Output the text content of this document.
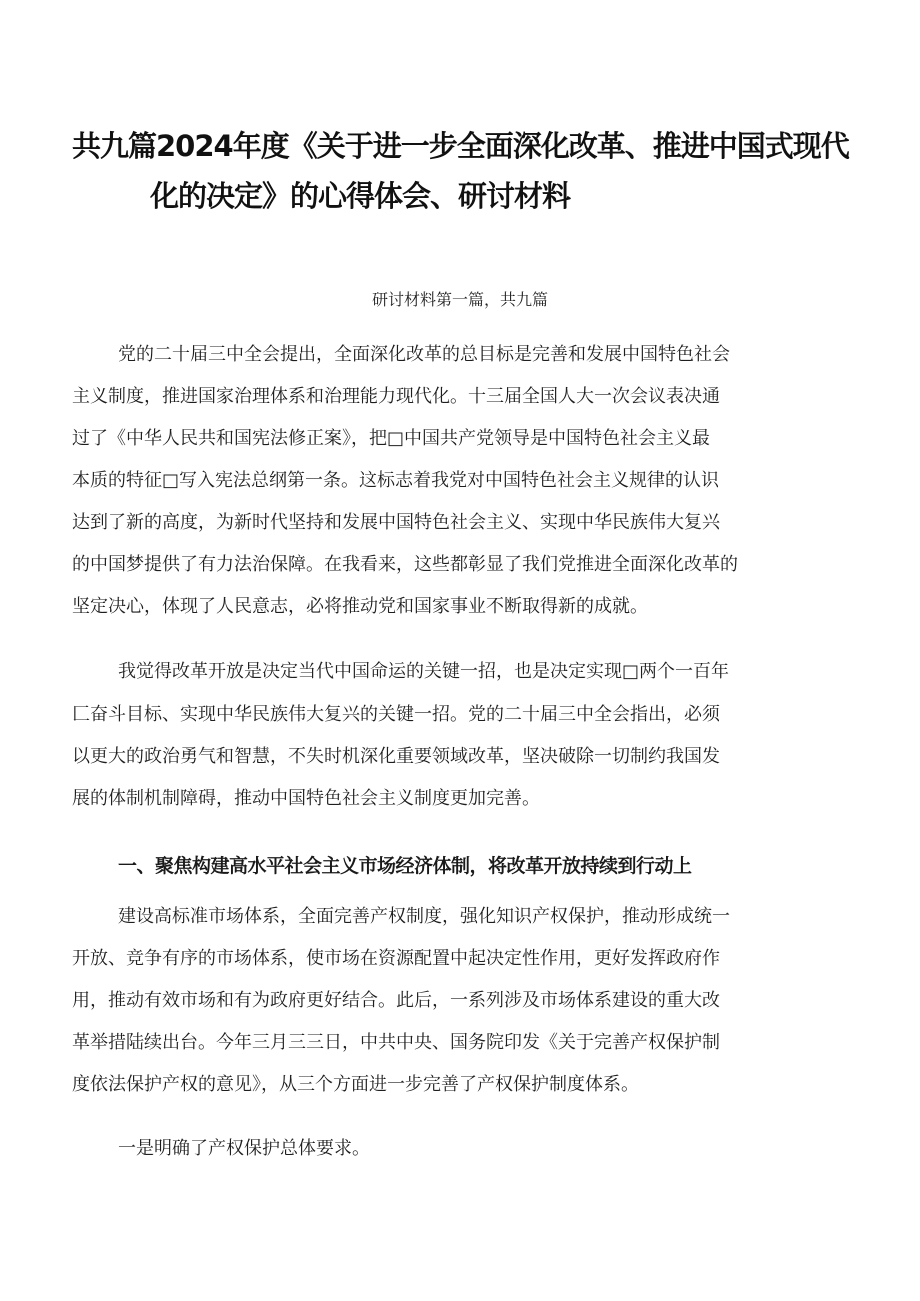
共九篇2024年度《关于进一步全面深化改革、推进中国式现代
化的决定》的心得体会、研讨材料
研讨材料第一篇，共九篇
党的二十届三中全会提出，全面深化改革的总目标是完善和发展中国特色社会
主义制度，推进国家治理体系和治理能力现代化。十三届全国人大一次会议表决通
过了《中华人民共和国宪法修正案》，把□中国共产党领导是中国特色社会主义最
本质的特征□写入宪法总纲第一条。这标志着我党对中国特色社会主义规律的认识
达到了新的高度，为新时代坚持和发展中国特色社会主义、实现中华民族伟大复兴
的中国梦提供了有力法治保障。在我看来，这些都彰显了我们党推进全面深化改革的
坚定决心，体现了人民意志，必将推动党和国家事业不断取得新的成就。
我觉得改革开放是决定当代中国命运的关键一招，也是决定实现□两个一百年
匚奋斗目标、实现中华民族伟大复兴的关键一招。党的二十届三中全会指出，必须
以更大的政治勇气和智慧，不失时机深化重要领域改革，坚决破除一切制约我国发
展的体制机制障碍，推动中国特色社会主义制度更加完善。
一、聚焦构建高水平社会主义市场经济体制，将改革开放持续到行动上
建设高标准市场体系，全面完善产权制度，强化知识产权保护，推动形成统一
开放、竞争有序的市场体系，使市场在资源配置中起决定性作用，更好发挥政府作
用，推动有效市场和有为政府更好结合。此后，一系列涉及市场体系建设的重大改
革举措陆续出台。今年三月三三日，中共中央、国务院印发《关于完善产权保护制
度依法保护产权的意见》，从三个方面进一步完善了产权保护制度体系。
一是明确了产权保护总体要求。
